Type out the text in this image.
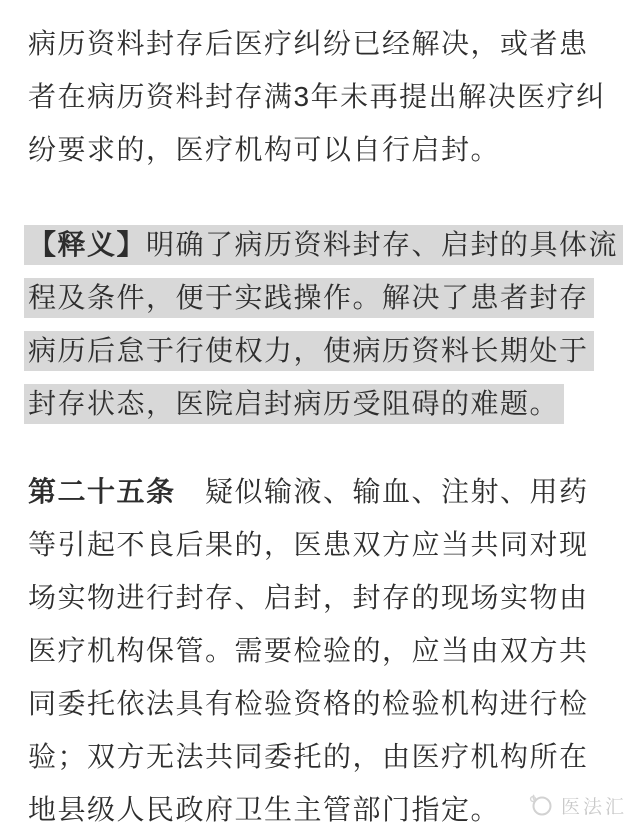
病历资料封存后医疗纠纷已经解决，或者患
者在病历资料封存满3年未再提出解决医疗纠
纷要求的，医疗机构可以自行启封。
【释义】明确了病历资料封存、启封的具体流
程及条件，便于实践操作。解决了患者封存
病历后怠于行使权力，使病历资料长期处于
封存状态，医院启封病历受阻碍的难题。
第二十五条　疑似输液、输血、注射、用药
等引起不良后果的，医患双方应当共同对现
场实物进行封存、启封，封存的现场实物由
医疗机构保管。需要检验的，应当由双方共
同委托依法具有检验资格的检验机构进行检
验；双方无法共同委托的，由医疗机构所在
地县级人民政府卫生主管部门指定。	医法汇
